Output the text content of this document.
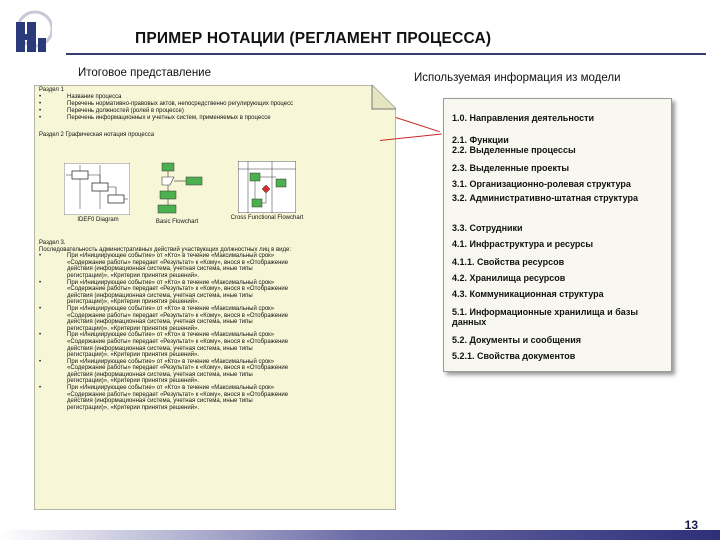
ПРИМЕР НОТАЦИИ (РЕГЛАМЕНТ ПРОЦЕССА)
Итоговое представление	Используемая информация из модели
Раздел 1
•	Название процесса
•	Перечень нормативно-правовых актов, непосредственно регулирующих процесс
•	Перечень должностей (ролей в процессе)
•	Перечень информационных и учетных систем, применяемых в процессе
Раздел 2 Графическая нотация процесса
IDEF0 Diagram	Basic Flowchart
Cross Functional Flowchart
Раздел 3.
Последовательность административных действий участвующих должностных лиц в виде:
•	При «Инициирующее событие» от «Кто» в течение «Максимальный срок»
«Содержание работы» передает «Результат» к «Кому», внося в «Отображение
действия (информационная система, учетная система, иные типы
регистрации)», «Критерии принятия решений».
•	При «Инициирующее событие» от «Кто» в течение «Максимальный срок»
«Содержание работы» передает «Результат» к «Кому», внося в «Отображение
действия (информационная система, учетная система, иные типы
регистрации)», «Критерии принятия решений».
•	При «Инициирующее событие» от «Кто» в течение «Максимальный срок»
«Содержание работы» передает «Результат» к «Кому», внося в «Отображение
действия (информационная система, учетная система, иные типы
регистрации)», «Критерии принятия решений».
•	При «Инициирующее событие» от «Кто» в течение «Максимальный срок»
«Содержание работы» передает «Результат» к «Кому», внося в «Отображение
действия (информационная система, учетная система, иные типы
регистрации)», «Критерии принятия решений».
•	При «Инициирующее событие» от «Кто» в течение «Максимальный срок»
«Содержание работы» передает «Результат» к «Кому», внося в «Отображение
действия (информационная система, учетная система, иные типы
регистрации)», «Критерии принятия решений».
•	При «Инициирующее событие» от «Кто» в течение «Максимальный срок»
«Содержание работы» передает «Результат» к «Кому», внося в «Отображение
действия (информационная система, учетная система, иные типы
регистрации)», «Критерии принятия решений».
1.0. Направления деятельности
2.1. Функции
2.2. Выделенные процессы
2.3. Выделенные проекты
3.1. Организационно-ролевая структура
3.2. Административно-штатная структура
3.3. Сотрудники
4.1. Инфраструктура и ресурсы
4.1.1. Свойства ресурсов
4.2. Хранилища ресурсов
4.3. Коммуникационная структура
5.1. Информационные хранилища и базы данных
5.2. Документы и сообщения
5.2.1. Свойства документов
13
